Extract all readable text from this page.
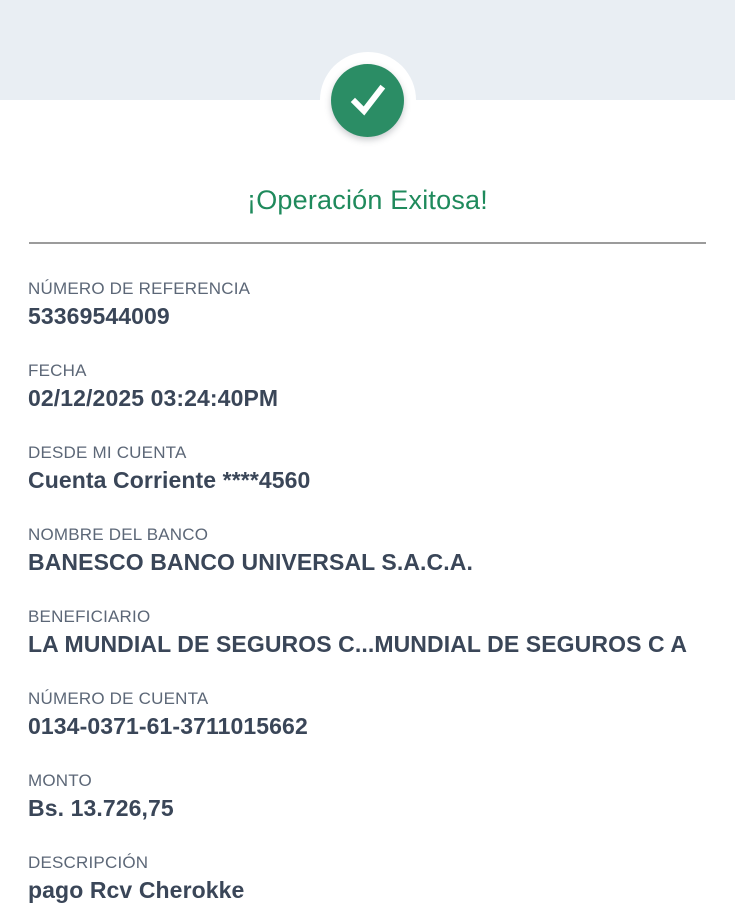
¡Operación Exitosa!
NÚMERO DE REFERENCIA
53369544009
FECHA
02/12/2025 03:24:40PM
DESDE MI CUENTA
Cuenta Corriente ****4560
NOMBRE DEL BANCO
BANESCO BANCO UNIVERSAL S.A.C.A.
BENEFICIARIO
LA MUNDIAL DE SEGUROS C...MUNDIAL DE SEGUROS C A
NÚMERO DE CUENTA
0134-0371-61-3711015662
MONTO
Bs. 13.726,75
DESCRIPCIÓN
pago Rcv Cherokke
